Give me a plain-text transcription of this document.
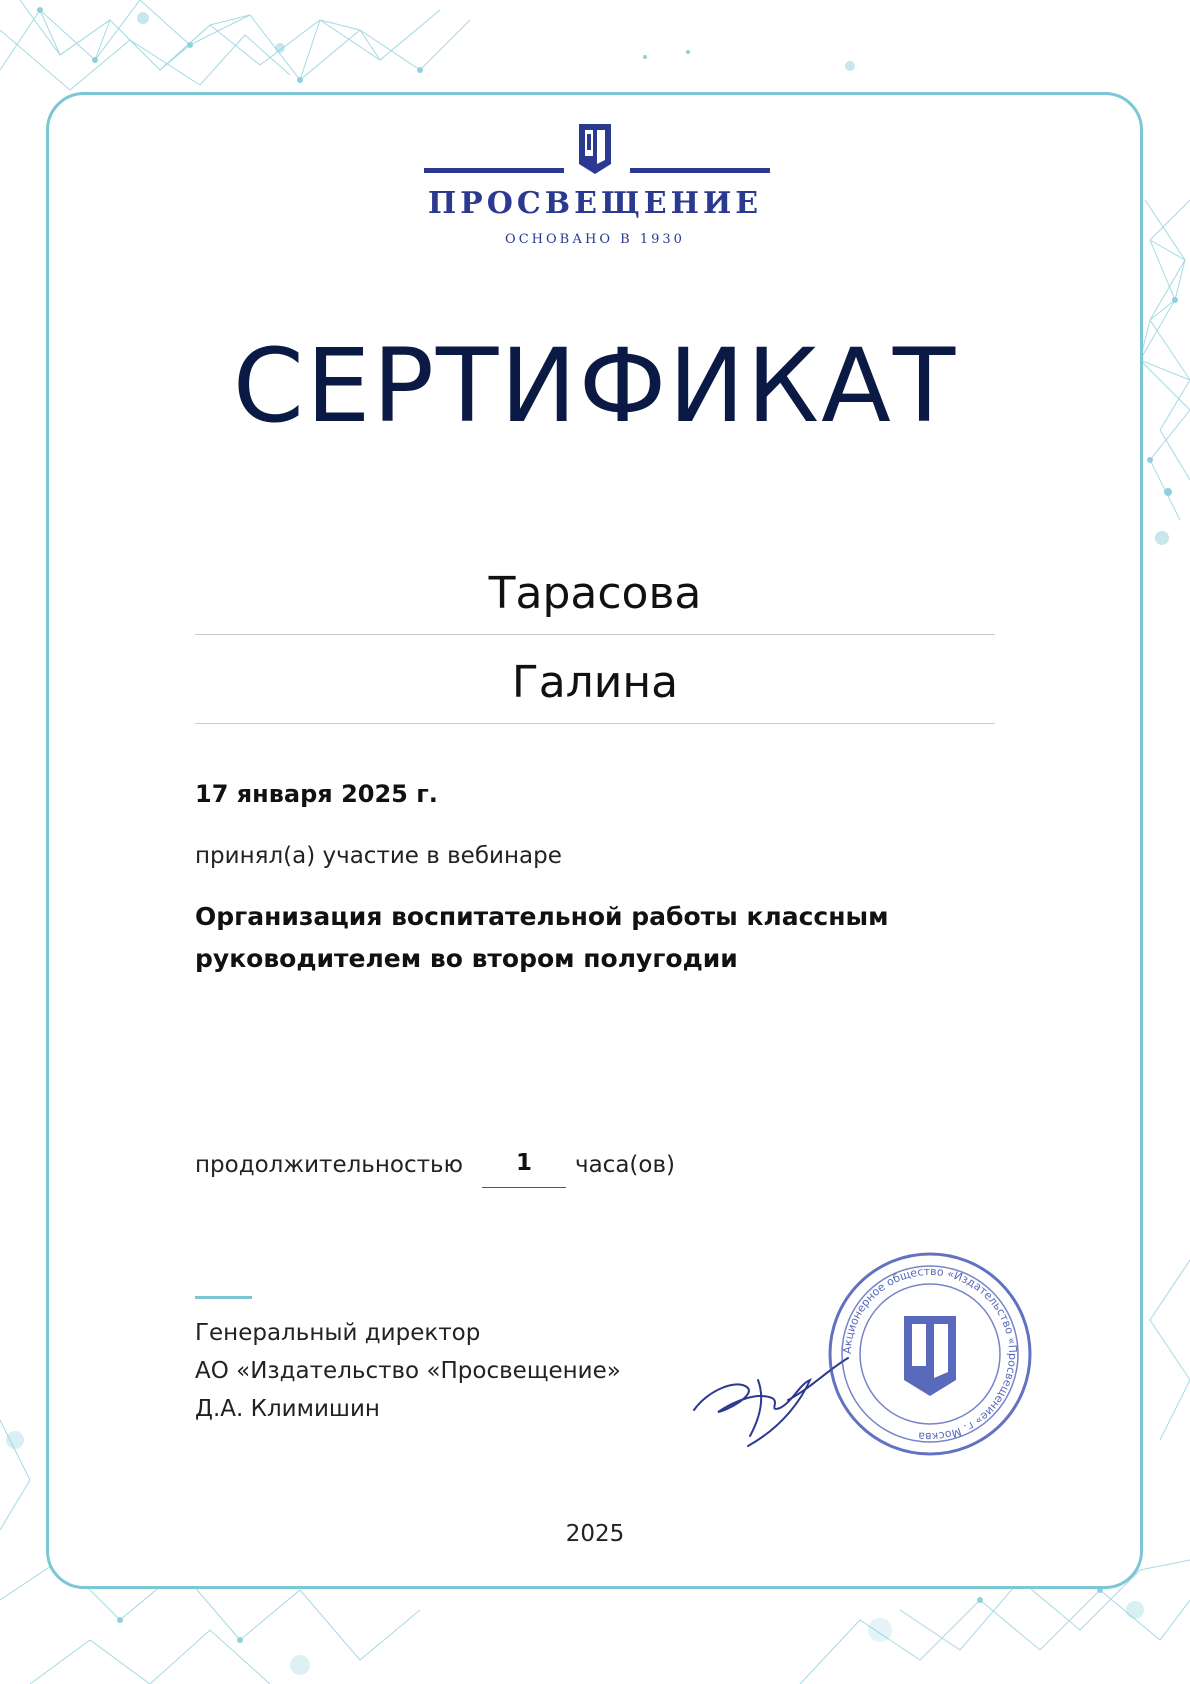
ПРОСВЕЩЕНИЕ
ОСНОВАНО В 1930
СЕРТИФИКАТ
Тарасова
Галина
17 января 2025 г.
принял(а) участие в вебинаре
Организация воспитательной работы классным руководителем во втором полугодии
продолжительностью	1	часа(ов)
Генеральный директор
АО «Издательство «Просвещение»
Д.А. Климишин
Акционерное общество «Издательство «Просвещение» г. Москва
2025
